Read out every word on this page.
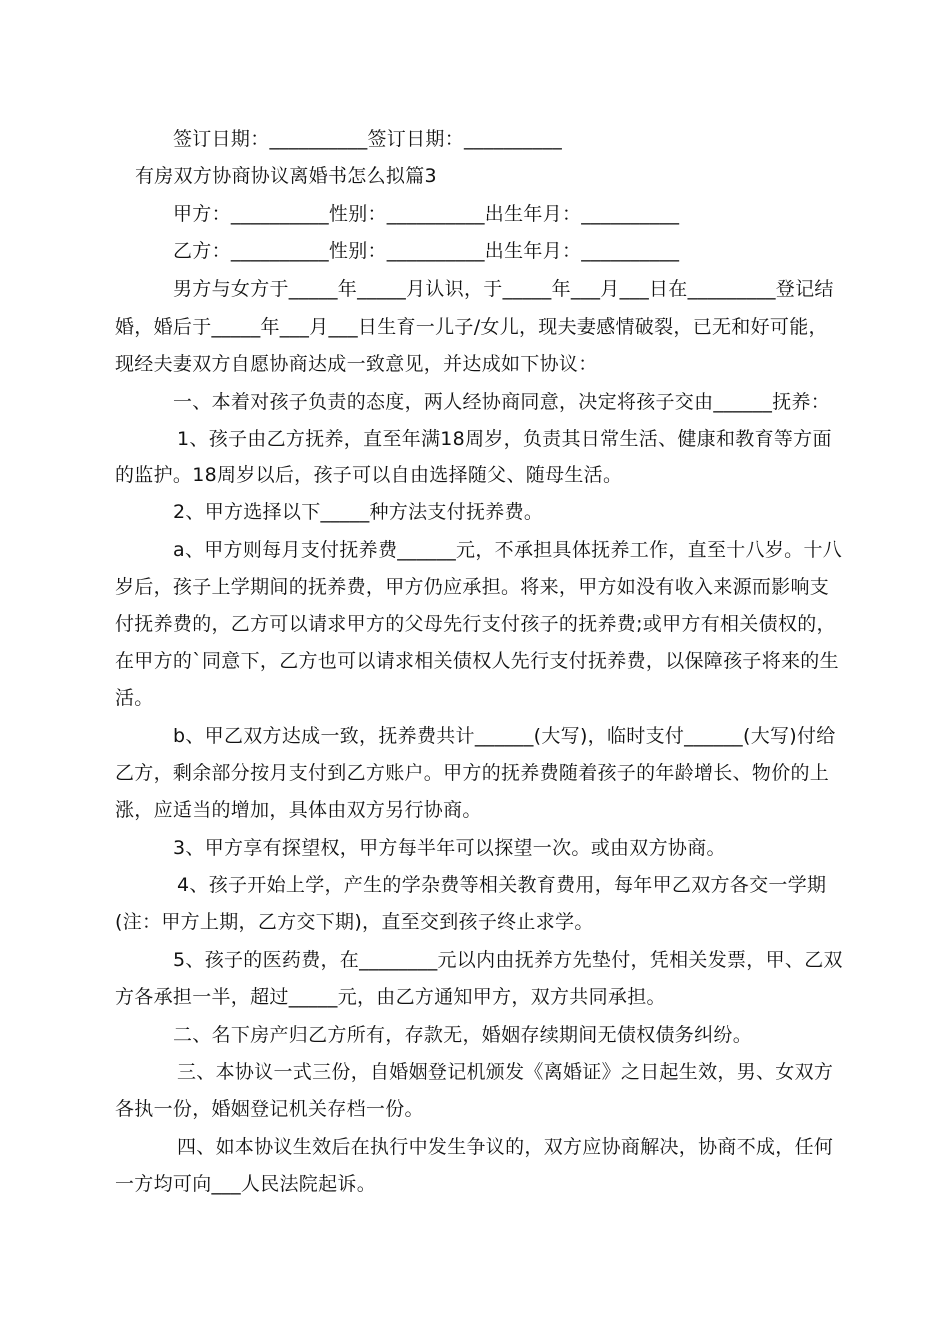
签订日期：__________签订日期：__________
有房双方协商协议离婚书怎么拟篇3
甲方：__________性别：__________出生年月：__________
乙方：__________性别：__________出生年月：__________
男方与女方于_____年_____月认识，于_____年___月___日在_________登记结
婚，婚后于_____年___月___日生育一儿子/女儿，现夫妻感情破裂，已无和好可能，
现经夫妻双方自愿协商达成一致意见，并达成如下协议：
一、本着对孩子负责的态度，两人经协商同意，决定将孩子交由______抚养：
1、孩子由乙方抚养，直至年满18周岁，负责其日常生活、健康和教育等方面
的监护。18周岁以后，孩子可以自由选择随父、随母生活。
2、甲方选择以下_____种方法支付抚养费。
a、甲方则每月支付抚养费______元，不承担具体抚养工作，直至十八岁。十八
岁后，孩子上学期间的抚养费，甲方仍应承担。将来，甲方如没有收入来源而影响支
付抚养费的，乙方可以请求甲方的父母先行支付孩子的抚养费;或甲方有相关债权的，
在甲方的`同意下，乙方也可以请求相关债权人先行支付抚养费，以保障孩子将来的生
活。
b、甲乙双方达成一致，抚养费共计______(大写)，临时支付______(大写)付给
乙方，剩余部分按月支付到乙方账户。甲方的抚养费随着孩子的年龄增长、物价的上
涨，应适当的增加，具体由双方另行协商。
3、甲方享有探望权，甲方每半年可以探望一次。或由双方协商。
4、孩子开始上学，产生的学杂费等相关教育费用，每年甲乙双方各交一学期
(注：甲方上期，乙方交下期)，直至交到孩子终止求学。
5、孩子的医药费，在________元以内由抚养方先垫付，凭相关发票，甲、乙双
方各承担一半，超过_____元，由乙方通知甲方，双方共同承担。
二、名下房产归乙方所有，存款无，婚姻存续期间无债权债务纠纷。
三、本协议一式三份，自婚姻登记机颁发《离婚证》之日起生效，男、女双方
各执一份，婚姻登记机关存档一份。
四、如本协议生效后在执行中发生争议的，双方应协商解决，协商不成，任何
一方均可向___人民法院起诉。
